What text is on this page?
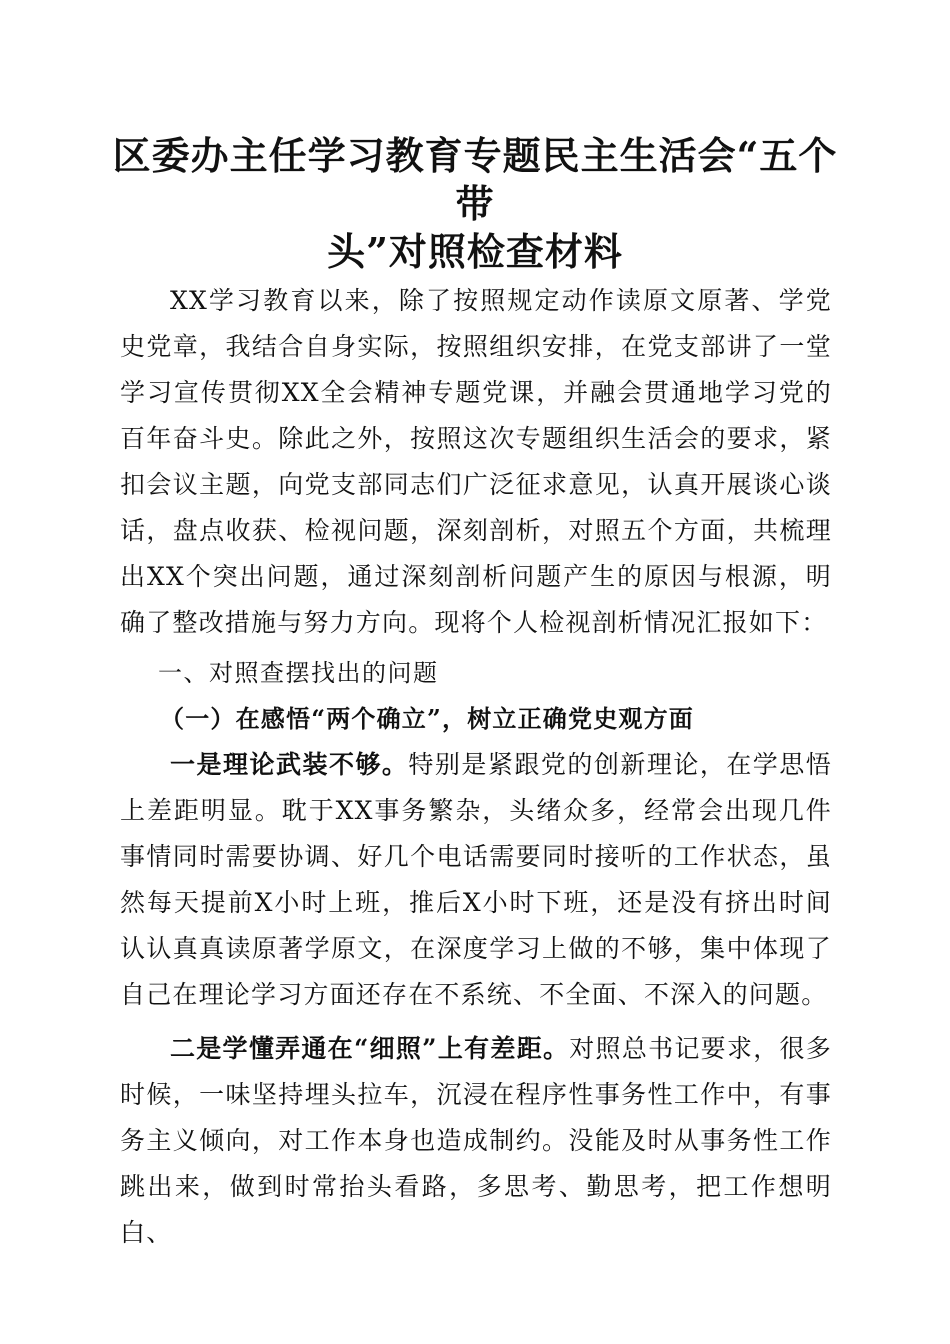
区委办主任学习教育专题民主生活会“五个带
头”对照检查材料

XX学习教育以来，除了按照规定动作读原文原著、学党史党章，我结合自身实际，按照组织安排，在党支部讲了一堂学习宣传贯彻XX全会精神专题党课，并融会贯通地学习党的百年奋斗史。除此之外，按照这次专题组织生活会的要求，紧扣会议主题，向党支部同志们广泛征求意见，认真开展谈心谈话，盘点收获、检视问题，深刻剖析，对照五个方面，共梳理出XX个突出问题，通过深刻剖析问题产生的原因与根源，明确了整改措施与努力方向。现将个人检视剖析情况汇报如下：

一、对照查摆找出的问题
（一）在感悟“两个确立”，树立正确党史观方面

一是理论武装不够。特别是紧跟党的创新理论，在学思悟上差距明显。耽于XX事务繁杂，头绪众多，经常会出现几件事情同时需要协调、好几个电话需要同时接听的工作状态，虽然每天提前X小时上班，推后X小时下班，还是没有挤出时间认认真真读原著学原文，在深度学习上做的不够，集中体现了自己在理论学习方面还存在不系统、不全面、不深入的问题。

二是学懂弄通在“细照”上有差距。对照总书记要求，很多时候，一味坚持埋头拉车，沉浸在程序性事务性工作中，有事务主义倾向，对工作本身也造成制约。没能及时从事务性工作跳出来，做到时常抬头看路，多思考、勤思考，把工作想明白、
